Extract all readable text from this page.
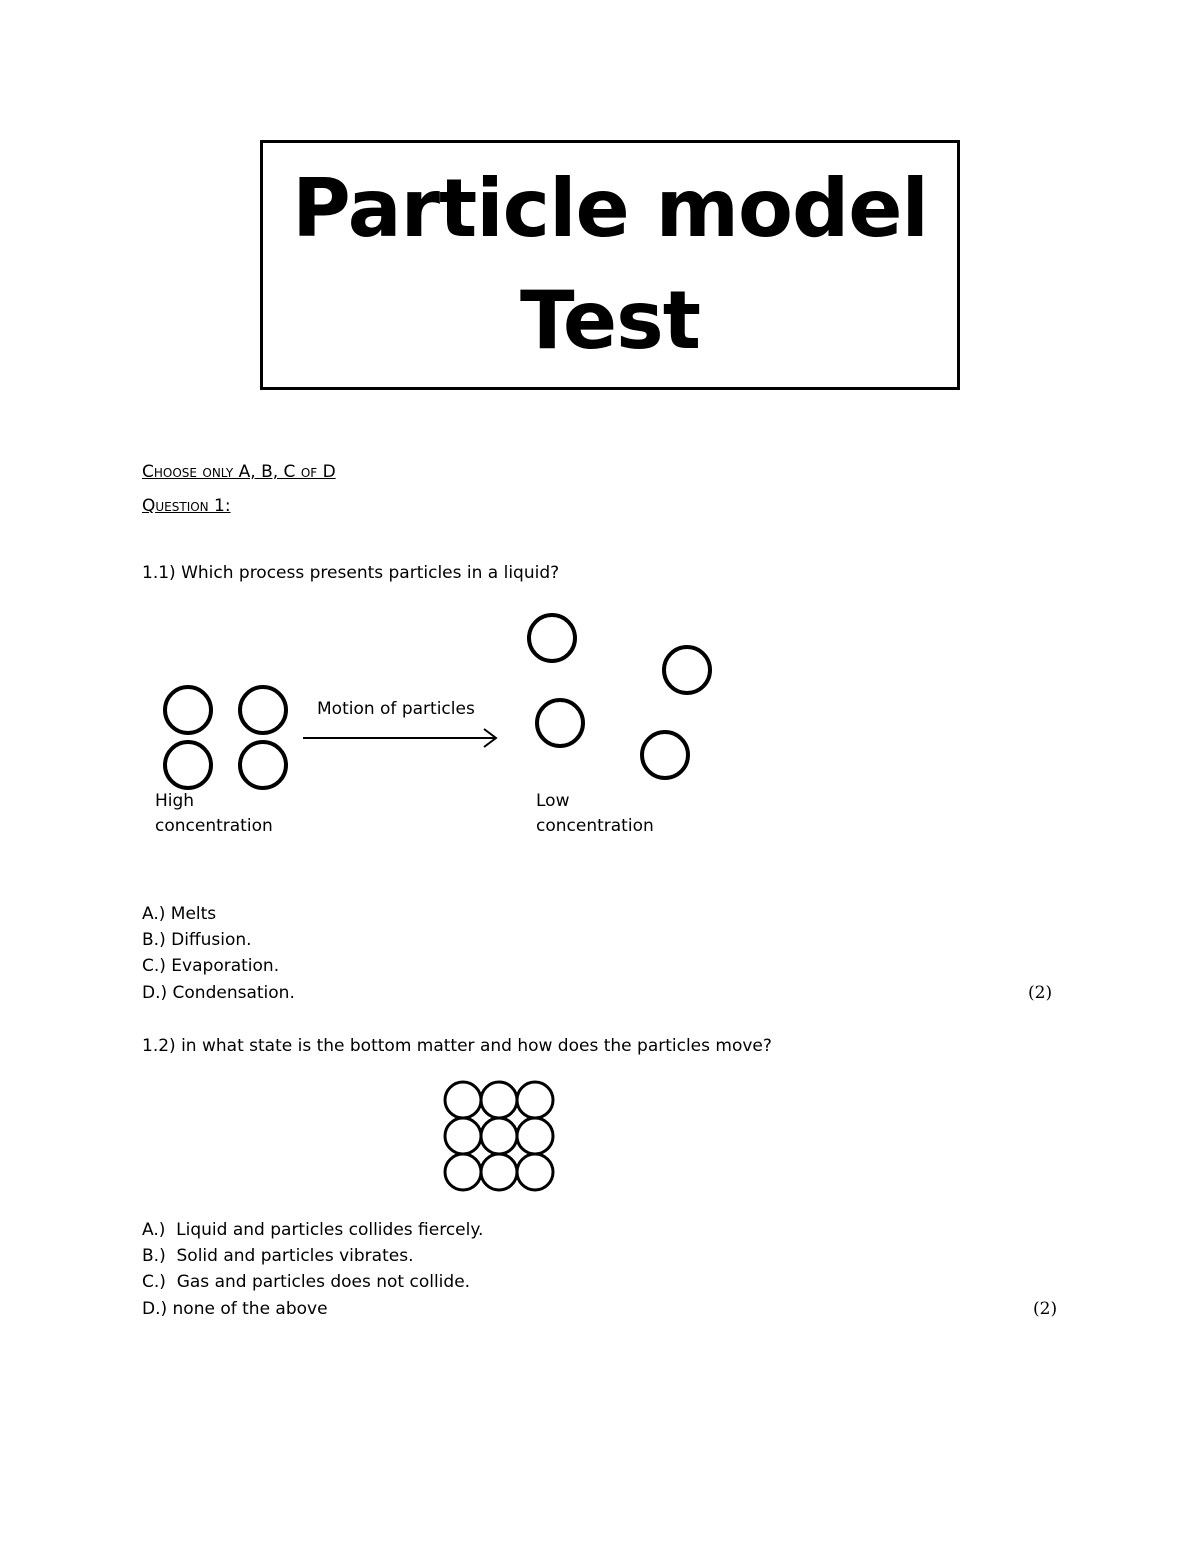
Particle model
Test
Choose only A, B, C of D
Question 1:
1.1) Which process presents particles in a liquid?
Motion of particles
High
concentration
Low
concentration
A.) Melts
B.) Diffusion.
C.) Evaporation.
D.) Condensation.	(2)
1.2) in what state is the bottom matter and how does the particles move?
A.)  Liquid and particles collides fiercely.
B.)  Solid and particles vibrates.
C.)  Gas and particles does not collide.
D.) none of the above	(2)
